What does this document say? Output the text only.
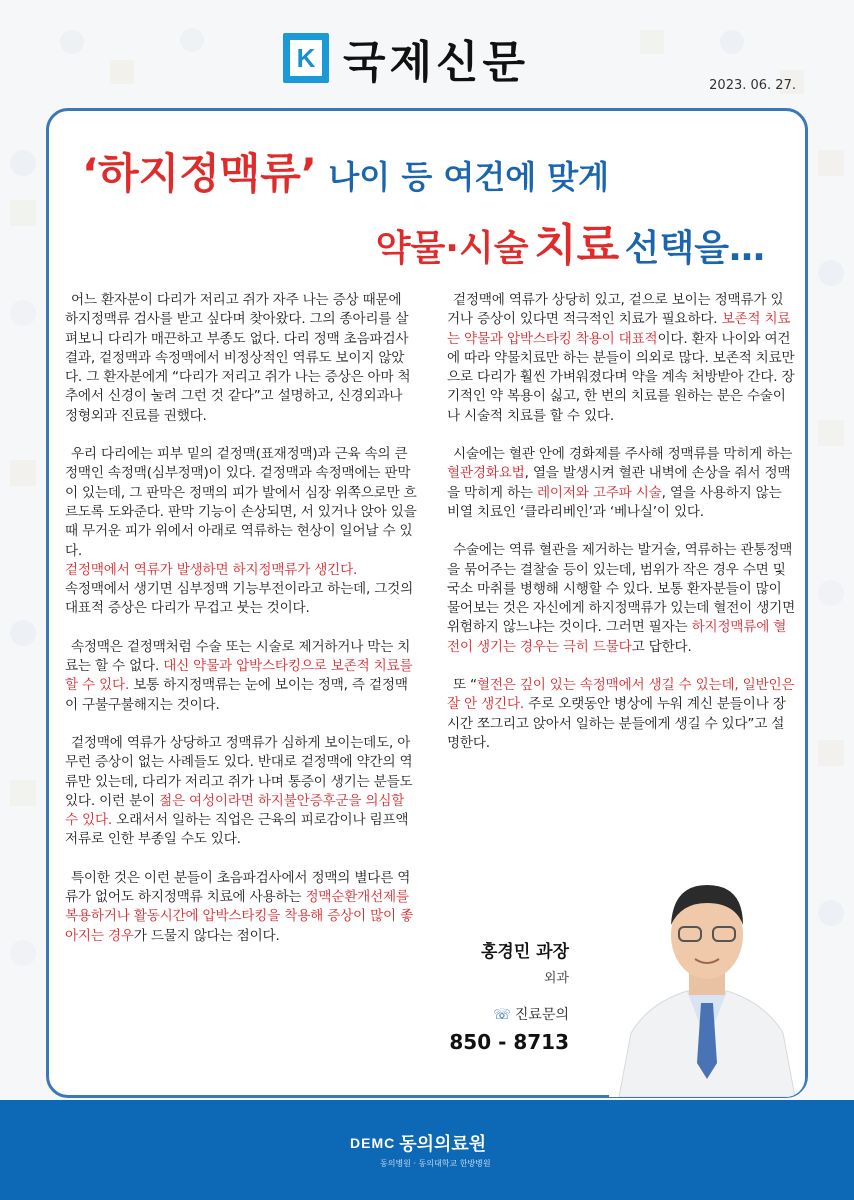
K 국제신문	2023. 06. 27.
‘하지정맥류’ 나이 등 여건에 맞게
약물·시술 치료 선택을…

어느 환자분이 다리가 저리고 쥐가 자주 나는 증상 때문에 하지정맥류 검사를 받고 싶다며 찾아왔다. 그의 종아리를 살펴보니 다리가 매끈하고 부종도 없다. 다리 정맥 초음파검사 결과, 겉정맥과 속정맥에서 비정상적인 역류도 보이지 않았다. 그 환자분에게 “다리가 저리고 쥐가 나는 증상은 아마 척추에서 신경이 눌려 그런 것 같다”고 설명하고, 신경외과나 정형외과 진료를 권했다.

우리 다리에는 피부 밑의 겉정맥(표재정맥)과 근육 속의 큰 정맥인 속정맥(심부정맥)이 있다. 겉정맥과 속정맥에는 판막이 있는데, 그 판막은 정맥의 피가 발에서 심장 위쪽으로만 흐르도록 도와준다. 판막 기능이 손상되면, 서 있거나 앉아 있을 때 무거운 피가 위에서 아래로 역류하는 현상이 일어날 수 있다.
겉정맥에서 역류가 발생하면 하지정맥류가 생긴다.
속정맥에서 생기면 심부정맥 기능부전이라고 하는데, 그것의 대표적 증상은 다리가 무겁고 붓는 것이다.

속정맥은 겉정맥처럼 수술 또는 시술로 제거하거나 막는 치료는 할 수 없다. 대신 약물과 압박스타킹으로 보존적 치료를 할 수 있다. 보통 하지정맥류는 눈에 보이는 정맥, 즉 겉정맥이 구불구불해지는 것이다.

겉정맥에 역류가 상당하고 정맥류가 심하게 보이는데도, 아무런 증상이 없는 사례들도 있다. 반대로 겉정맥에 약간의 역류만 있는데, 다리가 저리고 쥐가 나며 통증이 생기는 분들도 있다. 이런 분이 젊은 여성이라면 하지불안증후군을 의심할 수 있다. 오래서서 일하는 직업은 근육의 피로감이나 림프액 저류로 인한 부종일 수도 있다.

특이한 것은 이런 분들이 초음파검사에서 정맥의 별다른 역류가 없어도 하지정맥류 치료에 사용하는 정맥순환개선제를 복용하거나 활동시간에 압박스타킹을 착용해 증상이 많이 좋아지는 경우가 드물지 않다는 점이다.

겉정맥에 역류가 상당히 있고, 겉으로 보이는 정맥류가 있거나 증상이 있다면 적극적인 치료가 필요하다. 보존적 치료는 약물과 압박스타킹 착용이 대표적이다. 환자 나이와 여건에 따라 약물치료만 하는 분들이 의외로 많다. 보존적 치료만으로 다리가 훨씬 가벼워졌다며 약을 계속 처방받아 간다. 장기적인 약 복용이 싫고, 한 번의 치료를 원하는 분은 수술이나 시술적 치료를 할 수 있다.

시술에는 혈관 안에 경화제를 주사해 정맥류를 막히게 하는 혈관경화요법, 열을 발생시켜 혈관 내벽에 손상을 줘서 정맥을 막히게 하는 레이저와 고주파 시술, 열을 사용하지 않는 비열 치료인 ‘클라리베인’과 ‘베나실’이 있다.

수술에는 역류 혈관을 제거하는 발거술, 역류하는 관통정맥을 묶어주는 결찰술 등이 있는데, 범위가 작은 경우 수면 및 국소 마취를 병행해 시행할 수 있다. 보통 환자분들이 많이 물어보는 것은 자신에게 하지정맥류가 있는데 혈전이 생기면 위험하지 않느냐는 것이다. 그러면 필자는 하지정맥류에 혈전이 생기는 경우는 극히 드물다고 답한다.

또 “혈전은 깊이 있는 속정맥에서 생길 수 있는데, 일반인은 잘 안 생긴다. 주로 오랫동안 병상에 누워 계신 분들이나 장시간 쪼그리고 앉아서 일하는 분들에게 생길 수 있다”고 설명한다.

홍경민 과장
외과
☏ 진료문의
850 - 8713
DEMC 동의의료원
동의병원 · 동의대학교 한방병원
